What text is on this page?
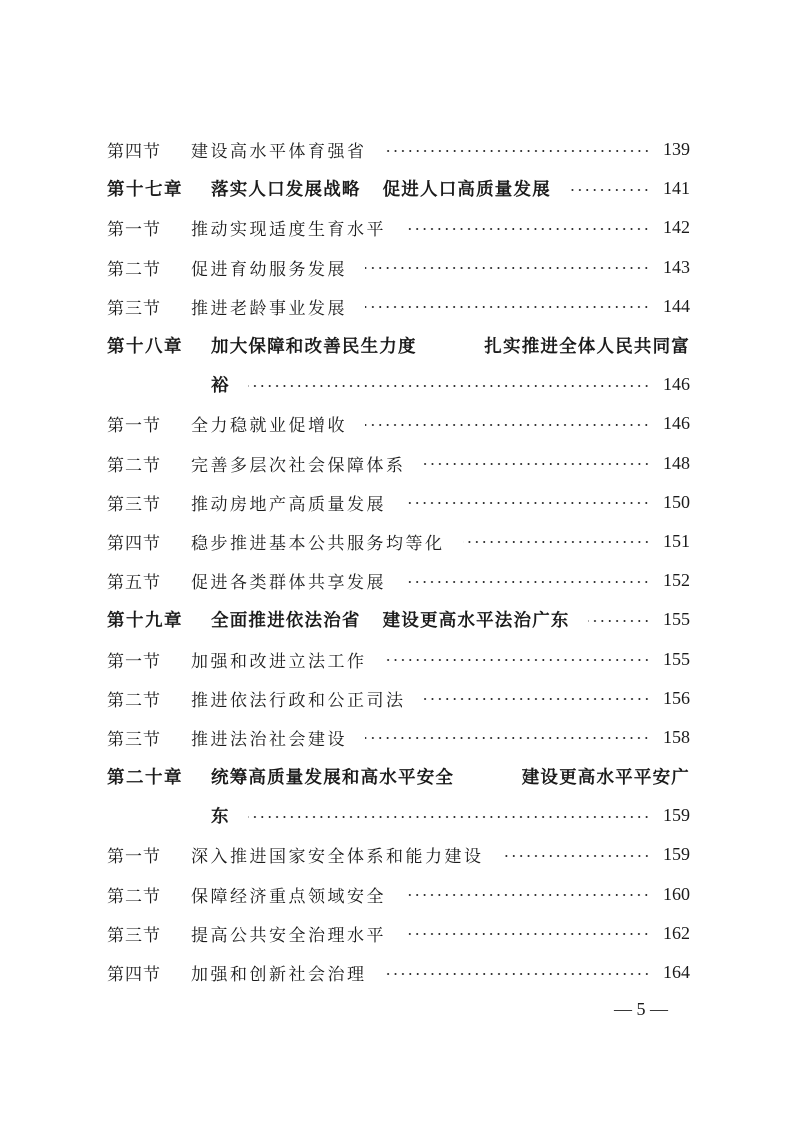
第四节	建设高水平体育强省	139
第十七章	落实人口发展战略 促进人口高质量发展	141
第一节	推动实现适度生育水平	142
第二节	促进育幼服务发展	143
第三节	推进老龄事业发展	144
第十八章	加大保障和改善民生力度	扎实推进全体人民共同富
裕	146
第一节	全力稳就业促增收	146
第二节	完善多层次社会保障体系	148
第三节	推动房地产高质量发展	150
第四节	稳步推进基本公共服务均等化	151
第五节	促进各类群体共享发展	152
第十九章	全面推进依法治省 建设更高水平法治广东	155
第一节	加强和改进立法工作	155
第二节	推进依法行政和公正司法	156
第三节	推进法治社会建设	158
第二十章	统筹高质量发展和高水平安全	建设更高水平平安广
东	159
第一节	深入推进国家安全体系和能力建设	159
第二节	保障经济重点领域安全	160
第三节	提高公共安全治理水平	162
第四节	加强和创新社会治理	164
— 5 —
